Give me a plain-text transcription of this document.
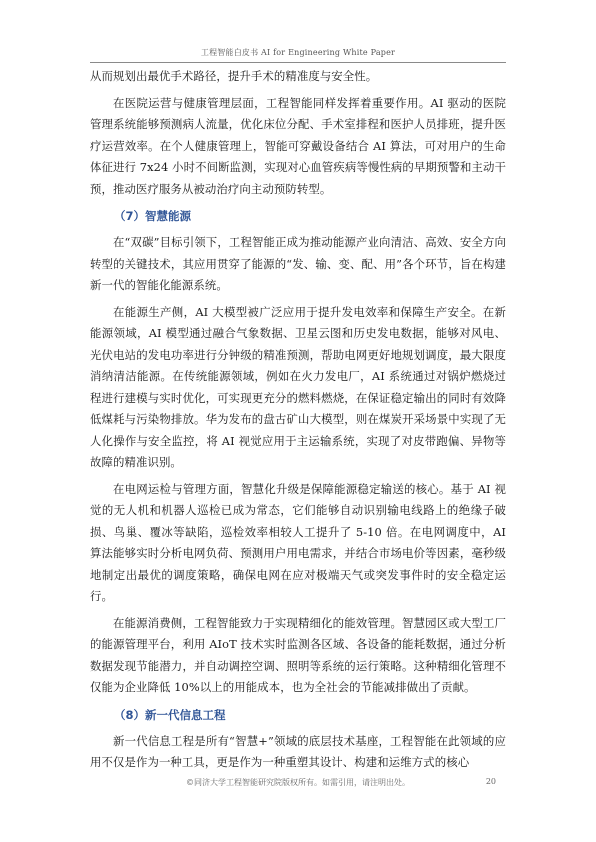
工程智能白皮书 AI for Engineering White Paper

从而规划出最优手术路径，提升手术的精准度与安全性。

在医院运营与健康管理层面，工程智能同样发挥着重要作用。AI 驱动的医院管理系统能够预测病人流量，优化床位分配、手术室排程和医护人员排班，提升医疗运营效率。在个人健康管理上，智能可穿戴设备结合 AI 算法，可对用户的生命体征进行 7x24 小时不间断监测，实现对心血管疾病等慢性病的早期预警和主动干预，推动医疗服务从被动治疗向主动预防转型。

（7）智慧能源

在“双碳”目标引领下，工程智能正成为推动能源产业向清洁、高效、安全方向转型的关键技术，其应用贯穿了能源的“发、输、变、配、用”各个环节，旨在构建新一代的智能化能源系统。

在能源生产侧，AI 大模型被广泛应用于提升发电效率和保障生产安全。在新能源领域，AI 模型通过融合气象数据、卫星云图和历史发电数据，能够对风电、光伏电站的发电功率进行分钟级的精准预测，帮助电网更好地规划调度，最大限度消纳清洁能源。在传统能源领域，例如在火力发电厂，AI 系统通过对锅炉燃烧过程进行建模与实时优化，可实现更充分的燃料燃烧，在保证稳定输出的同时有效降低煤耗与污染物排放。华为发布的盘古矿山大模型，则在煤炭开采场景中实现了无人化操作与安全监控，将 AI 视觉应用于主运输系统，实现了对皮带跑偏、异物等故障的精准识别。

在电网运检与管理方面，智慧化升级是保障能源稳定输送的核心。基于 AI 视觉的无人机和机器人巡检已成为常态，它们能够自动识别输电线路上的绝缘子破损、鸟巢、覆冰等缺陷，巡检效率相较人工提升了 5-10 倍。在电网调度中，AI 算法能够实时分析电网负荷、预测用户用电需求，并结合市场电价等因素，毫秒级地制定出最优的调度策略，确保电网在应对极端天气或突发事件时的安全稳定运行。

在能源消费侧，工程智能致力于实现精细化的能效管理。智慧园区或大型工厂的能源管理平台，利用 AIoT 技术实时监测各区域、各设备的能耗数据，通过分析数据发现节能潜力，并自动调控空调、照明等系统的运行策略。这种精细化管理不仅能为企业降低 10%以上的用能成本，也为全社会的节能减排做出了贡献。

（8）新一代信息工程

新一代信息工程是所有“智慧+”领域的底层技术基座，工程智能在此领域的应用不仅是作为一种工具，更是作为一种重塑其设计、构建和运维方式的核心

©同济大学工程智能研究院版权所有。如需引用，请注明出处。	20
